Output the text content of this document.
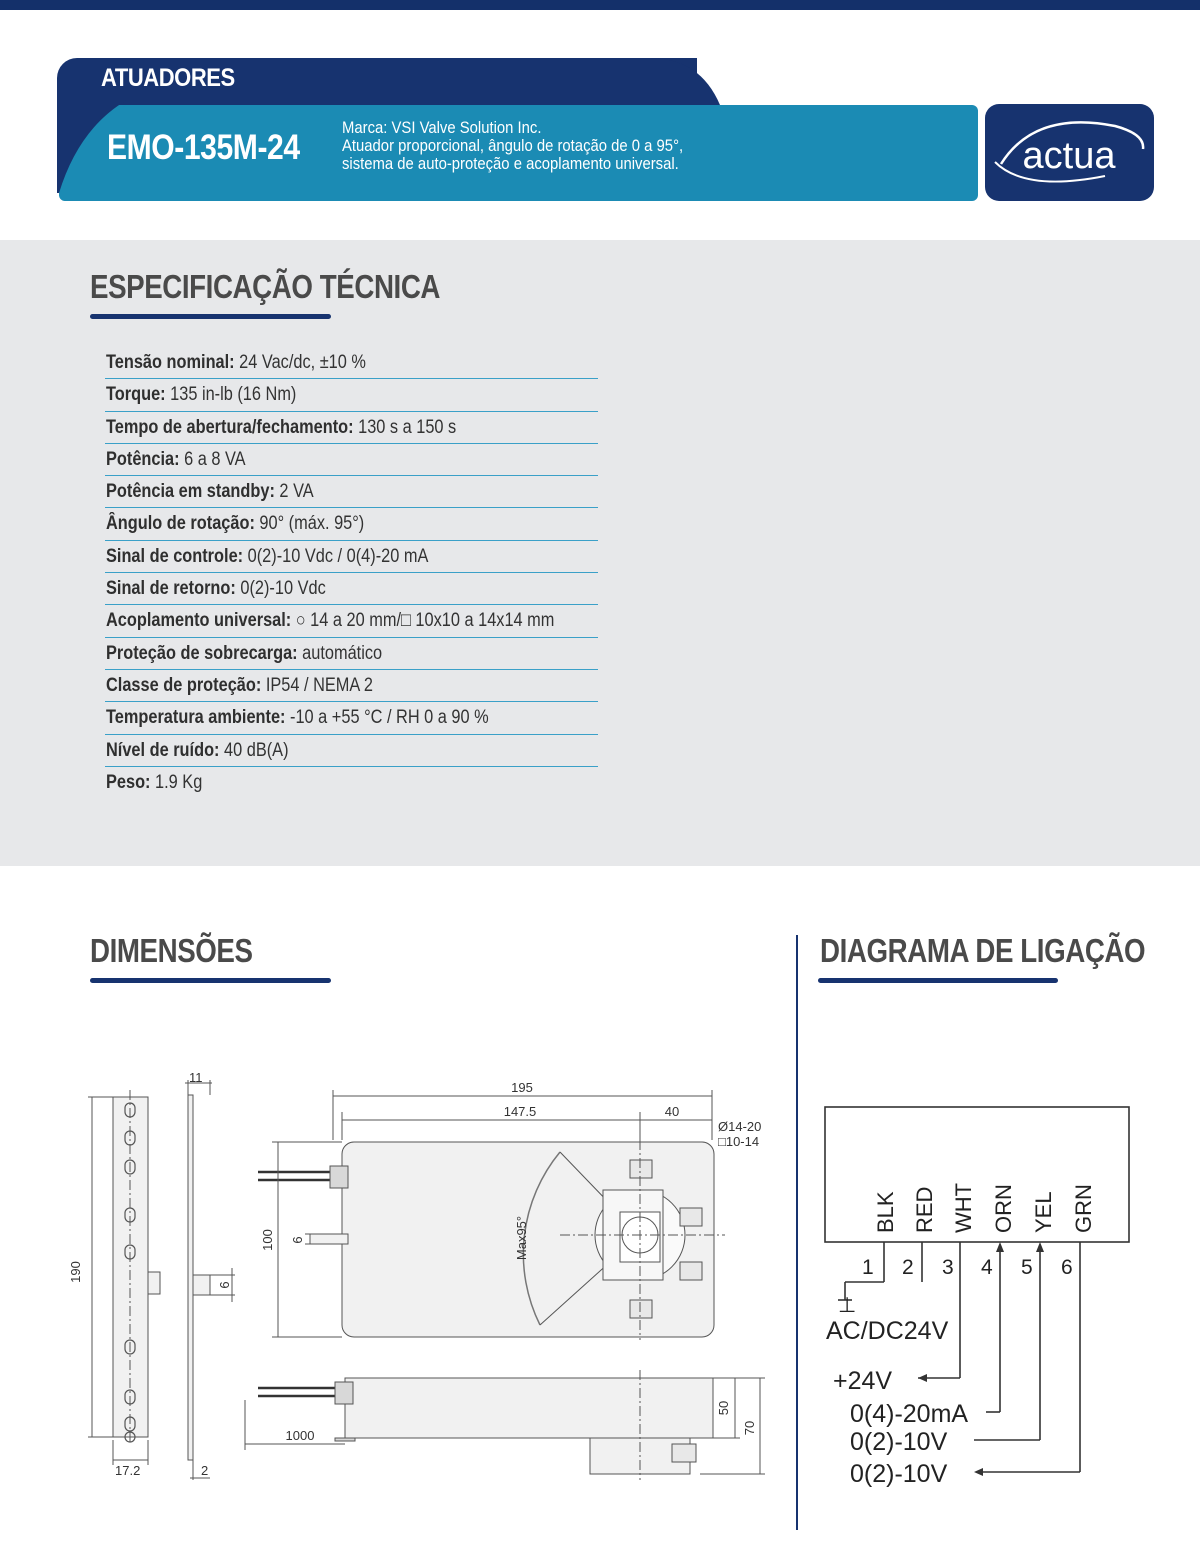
ATUADORES
EMO-135M-24	Marca: VSI Valve Solution Inc.
Atuador proporcional, ângulo de rotação de 0 a 95°,
sistema de auto-proteção e acoplamento universal.	actua
ESPECIFICAÇÃO TÉCNICA
Tensão nominal: 24 Vac/dc, ±10 %
Torque: 135 in-lb (16 Nm)
Tempo de abertura/fechamento: 130 s a 150 s
Potência: 6 a 8 VA
Potência em standby: 2 VA
Ângulo de rotação: 90° (máx. 95°)
Sinal de controle: 0(2)-10 Vdc / 0(4)-20 mA
Sinal de retorno: 0(2)-10 Vdc
Acoplamento universal: ○ 14 a 20 mm/□ 10x10 a 14x14 mm
Proteção de sobrecarga: automático
Classe de proteção: IP54 / NEMA 2
Temperatura ambiente: -10 a +55 °C / RH 0 a 90 %
Nível de ruído: 40 dB(A)
Peso: 1.9 Kg
DIMENSÕES	DIAGRAMA DE LIGAÇÃO
11
190
6
17.2	2
195
147.5	40
Ø14-20
□10-14
100 6	Max95°
1000
50
70
BLK RED WHT ORN YEL GRN
1 2 3 4 5 6
⊥
AC/DC24V
+24V
0(4)-20mA
0(2)-10V
0(2)-10V
